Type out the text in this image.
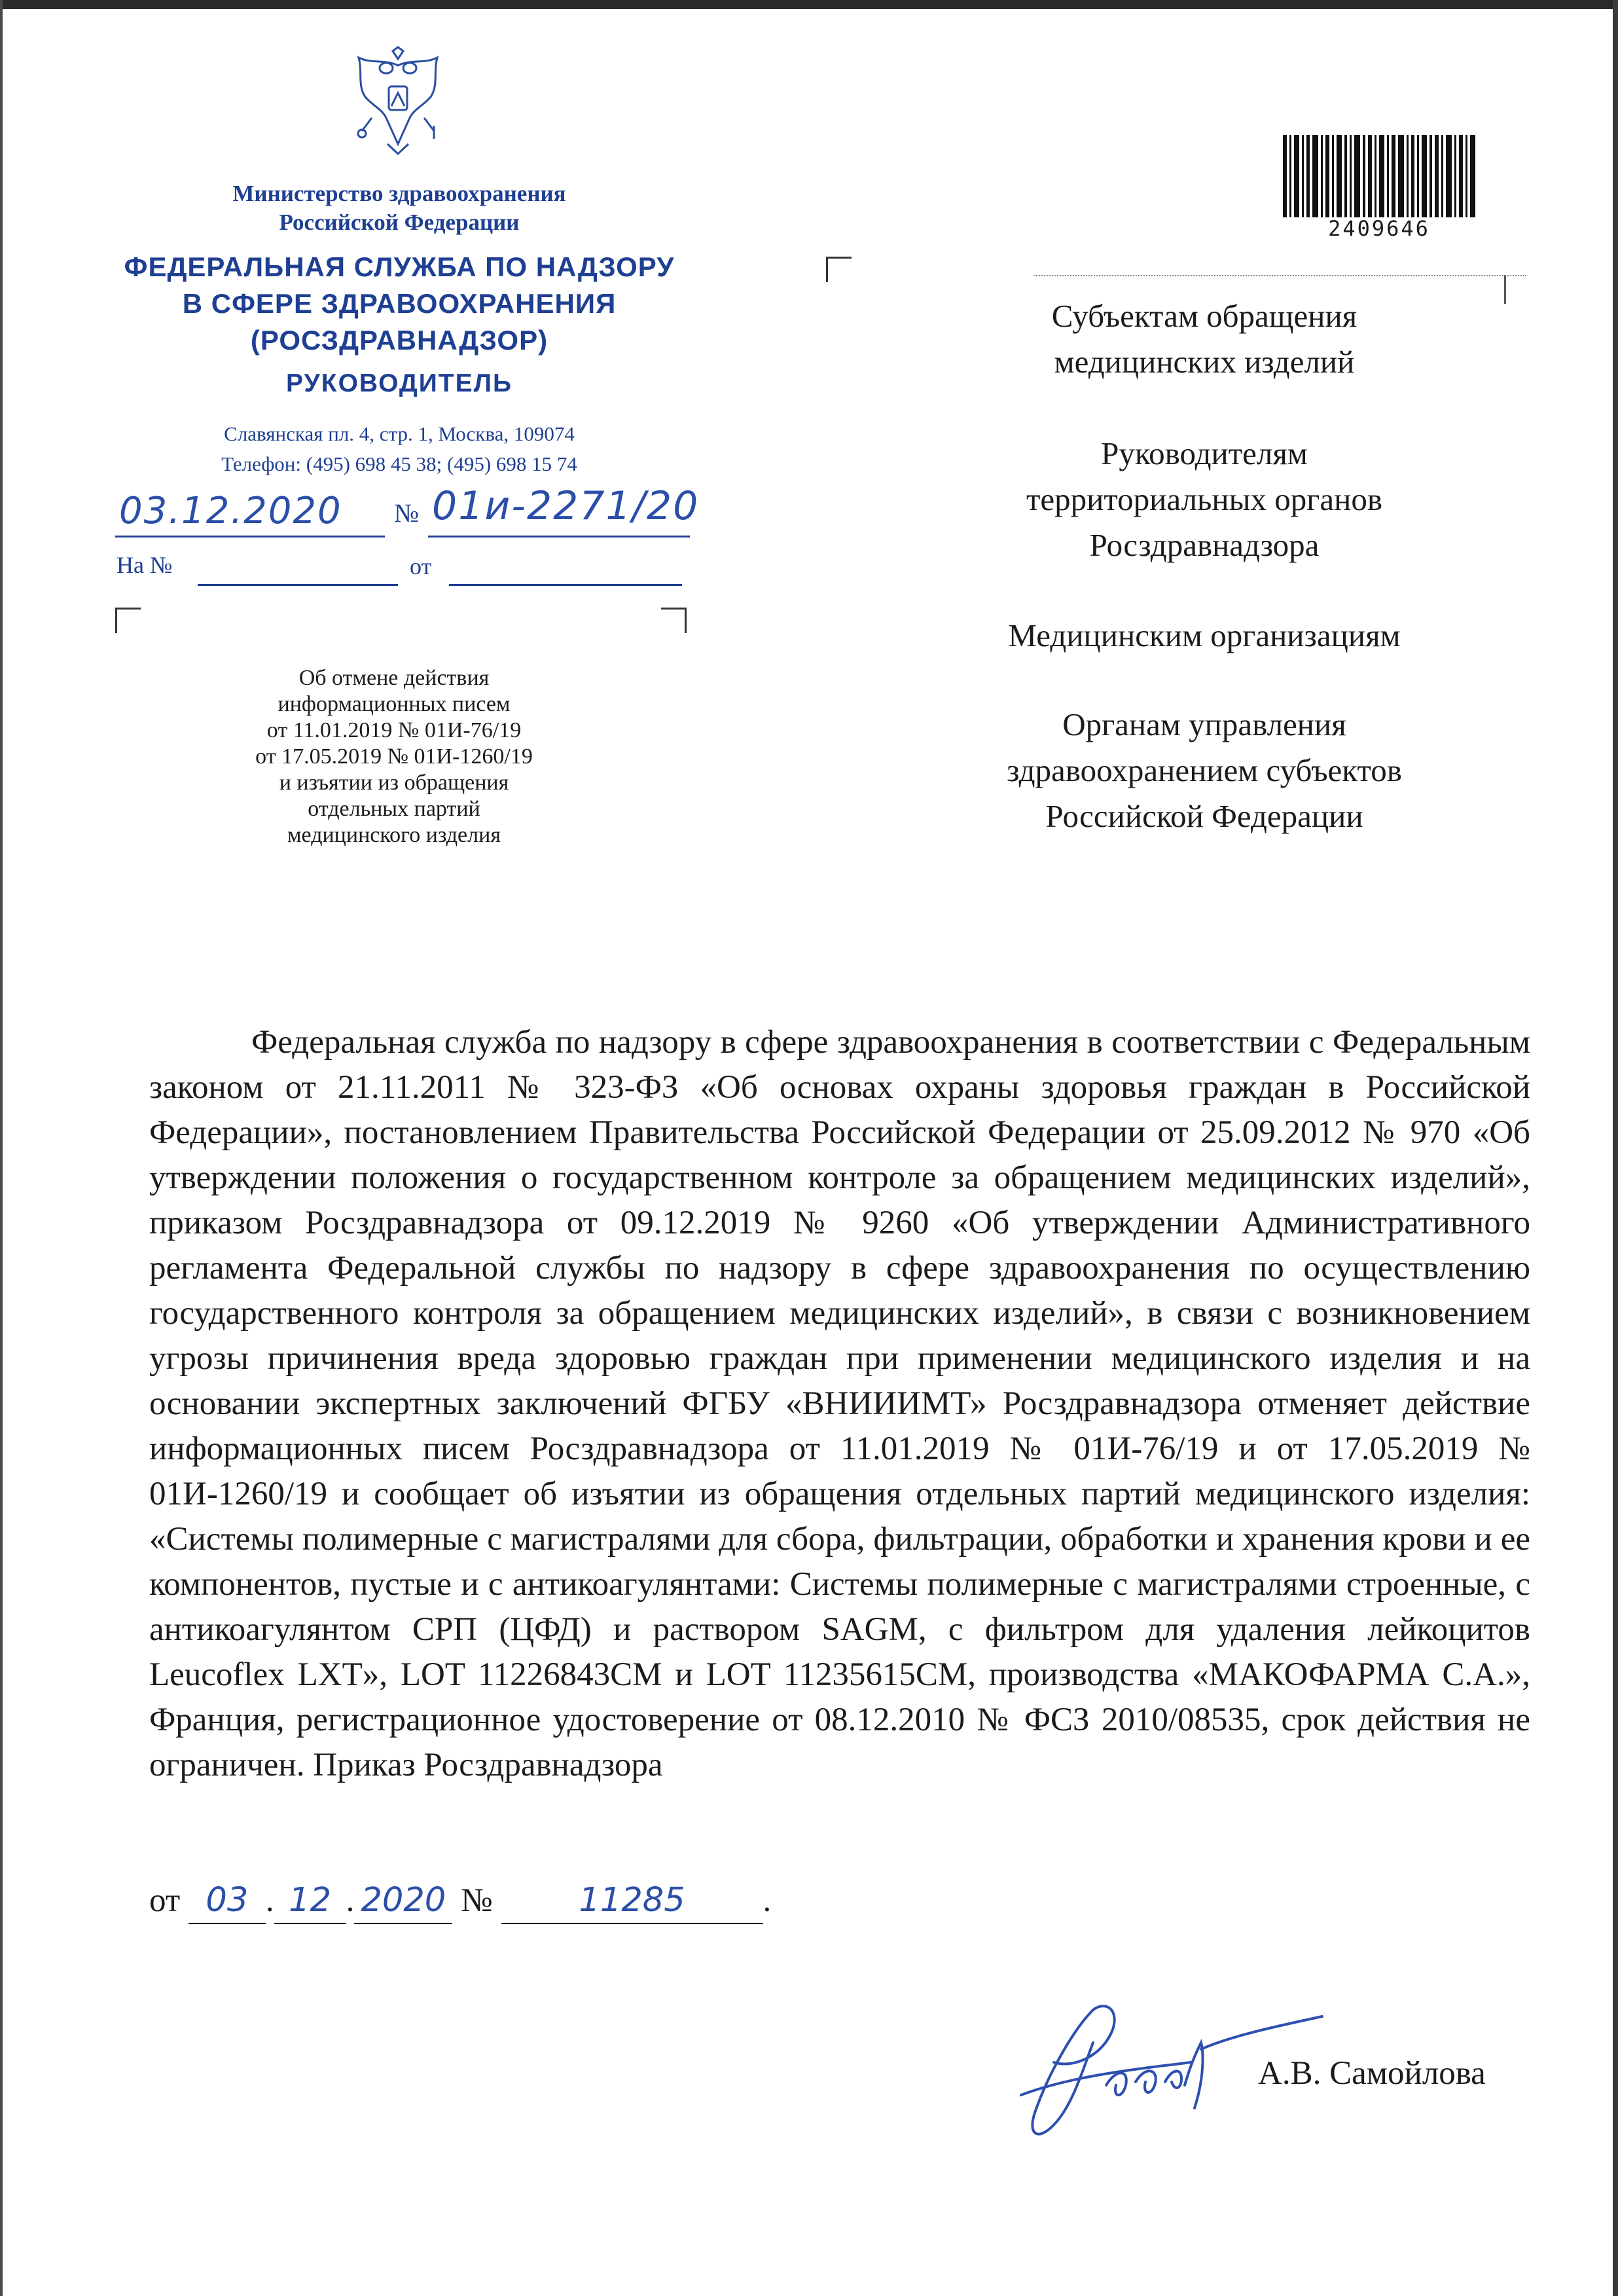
Министерство здравоохранения
Российской Федерации
ФЕДЕРАЛЬНАЯ СЛУЖБА ПО НАДЗОРУ
В СФЕРЕ ЗДРАВООХРАНЕНИЯ
(РОСЗДРАВНАДЗОР)
РУКОВОДИТЕЛЬ
Славянская пл. 4, стр. 1, Москва, 109074
Телефон: (495) 698 45 38; (495) 698 15 74
03.12.2020 № 01и-2271/20
На №	от
Об отмене действия
информационных писем
от 11.01.2019 № 01И-76/19
от 17.05.2019 № 01И-1260/19
и изъятии из обращения
отдельных партий
медицинского изделия
2409646
Субъектам обращения
медицинских изделий
Руководителям
территориальных органов
Росздравнадзора
Медицинским организациям
Органам управления
здравоохранением субъектов
Российской Федерации
Федеральная служба по надзору в сфере здравоохранения в соответствии с Федеральным законом от 21.11.2011 № 323-ФЗ «Об основах охраны здоровья граждан в Российской Федерации», постановлением Правительства Российской Федерации от 25.09.2012 № 970 «Об утверждении положения о государственном контроле за обращением медицинских изделий», приказом Росздравнадзора от 09.12.2019 № 9260 «Об утверждении Административного регламента Федеральной службы по надзору в сфере здравоохранения по осуществлению государственного контроля за обращением медицинских изделий», в связи с возникновением угрозы причинения вреда здоровью граждан при применении медицинского изделия и на основании экспертных заключений ФГБУ «ВНИИИМТ» Росздравнадзора отменяет действие информационных писем Росздравнадзора от 11.01.2019 № 01И-76/19 и от 17.05.2019 № 01И-1260/19 и сообщает об изъятии из обращения отдельных партий медицинского изделия: «Системы полимерные с магистралями для сбора, фильтрации, обработки и хранения крови и ее компонентов, пустые и с антикоагулянтами: Системы полимерные с магистралями строенные, с антикоагулянтом СРП (ЦФД) и раствором SAGM, с фильтром для удаления лейкоцитов Leucoflex LXT», LOT 11226843CM и LOT 11235615CM, производства «МАКОФАРМА С.А.», Франция, регистрационное удостоверение от 08.12.2010 № ФСЗ 2010/08535, срок действия не ограничен. Приказ Росздравнадзора
от 03 . 12 . 2020 №	11285 .
А.В. Самойлова
